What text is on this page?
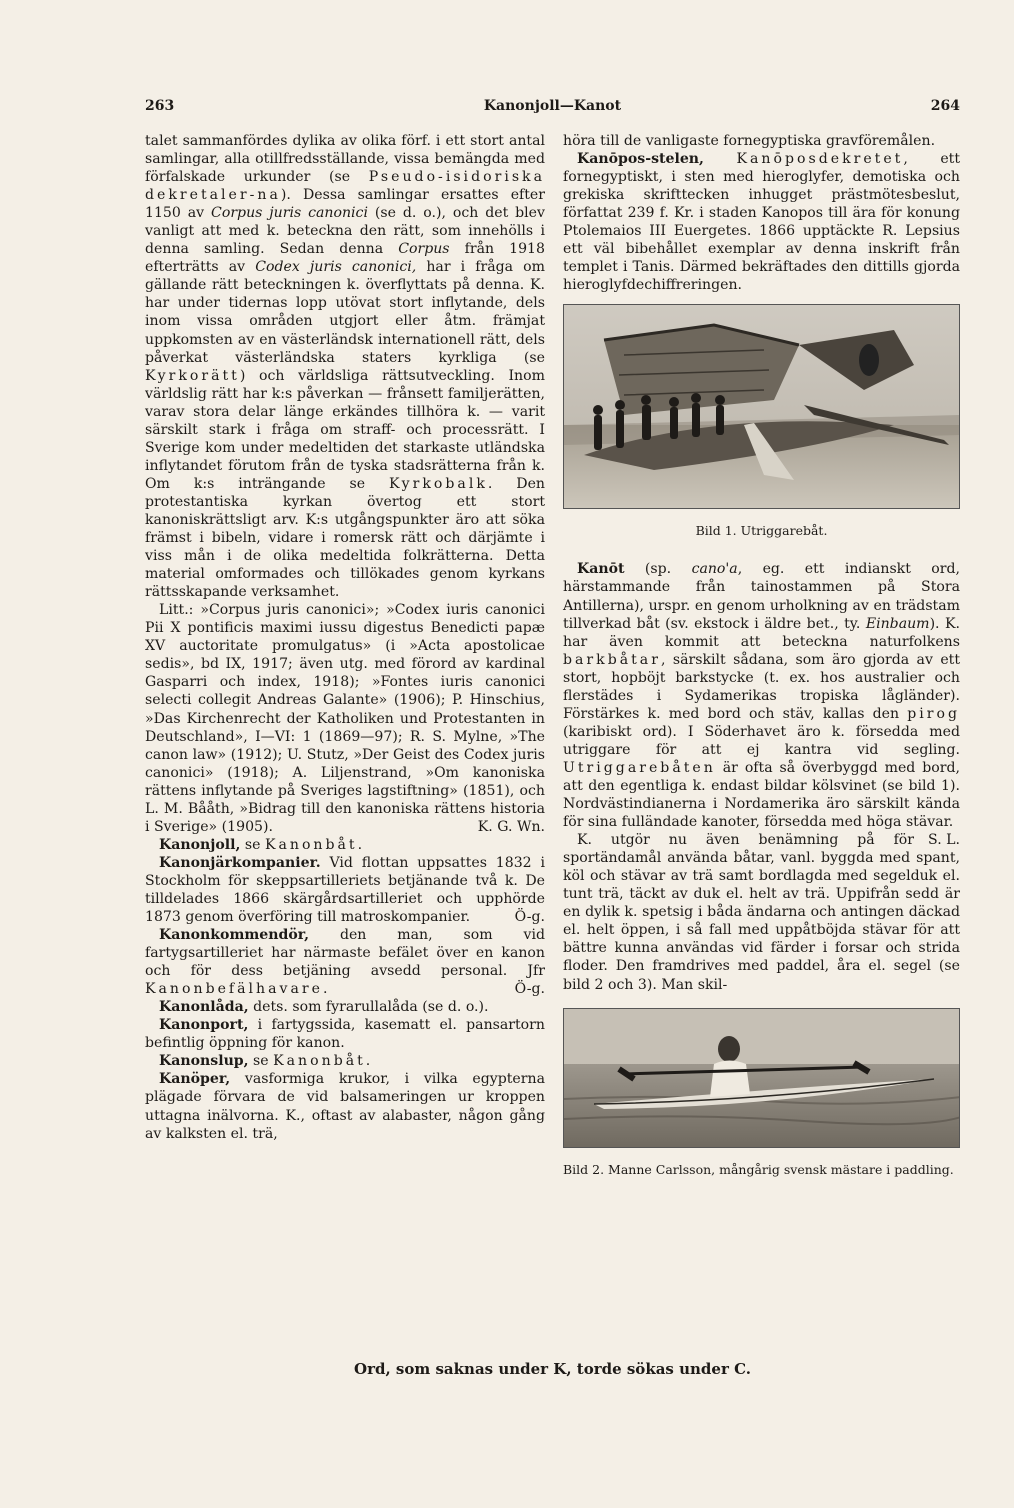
263	Kanonjoll—Kanot	264

talet sammanfördes dylika av olika förf. i ett stort antal samlingar, alla otillfredsställande, vissa bemängda med förfalskade urkunder (se Pseudo-isidoriska dekretaler-na). Dessa samlingar ersattes efter 1150 av Corpus juris canonici (se d. o.), och det blev vanligt att med k. beteckna den rätt, som innehölls i denna samling. Sedan denna Corpus från 1918 efterträtts av Codex juris canonici, har i fråga om gällande rätt beteckningen k. överflyttats på denna. K. har under tidernas lopp utövat stort inflytande, dels inom vissa områden utgjort eller åtm. främjat uppkomsten av en västerländsk internationell rätt, dels påverkat västerländska staters kyrkliga (se Kyrkorätt) och världsliga rättsutveckling. Inom världslig rätt har k:s påverkan — frånsett familjerätten, varav stora delar länge erkändes tillhöra k. — varit särskilt stark i fråga om straff- och processrätt. I Sverige kom under medeltiden det starkaste utländska inflytandet förutom från de tyska stadsrätterna från k. Om k:s inträngande se Kyrkobalk. Den protestantiska kyrkan övertog ett stort kanoniskrättsligt arv. K:s utgångspunkter äro att söka främst i bibeln, vidare i romersk rätt och därjämte i viss mån i de olika medeltida folkrätterna. Detta material omformades och tillökades genom kyrkans rättsskapande verksamhet.

Litt.: »Corpus juris canonici»; »Codex iuris canonici Pii X pontificis maximi iussu digestus Benedicti papæ XV auctoritate promulgatus» (i »Acta apostolicae sedis», bd IX, 1917; även utg. med förord av kardinal Gasparri och index, 1918); »Fontes iuris canonici selecti collegit Andreas Galante» (1906); P. Hinschius, »Das Kirchenrecht der Katholiken und Protestanten in Deutschland», I—VI: 1 (1869—97); R. S. Mylne, »The canon law» (1912); U. Stutz, »Der Geist des Codex juris canonici» (1918); A. Liljenstrand, »Om kanoniska rättens inflytande på Sveriges lagstiftning» (1851), och L. M. Bååth, »Bidrag till den kanoniska rättens historia i Sverige» (1905).	K. G. Wn.

Kanonjoll, se Kanonbåt.

Kanonjärkompanier. Vid flottan uppsattes 1832 i Stockholm för skeppsartilleriets betjänande två k. De tilldelades 1866 skärgårdsartilleriet och upphörde 1873 genom överföring till matroskompanier.	Ö-g.

Kanonkommendör, den man, som vid fartygsartilleriet har närmaste befälet över en kanon och för dess betjäning avsedd personal. Jfr Kanonbefälhavare.	Ö-g.

Kanonlåda, dets. som fyrarullalåda (se d. o.).

Kanonport, i fartygssida, kasematt el. pansartorn befintlig öppning för kanon.

Kanonslup, se Kanonbåt.

Kanöper, vasformiga krukor, i vilka egypterna plägade förvara de vid balsameringen ur kroppen uttagna inälvorna. K., oftast av alabaster, någon gång av kalksten el. trä,

höra till de vanligaste fornegyptiska gravföremålen.

Kanōpos-stelen, Kanōposdekretet, ett fornegyptiskt, i sten med hieroglyfer, demotiska och grekiska skrifttecken inhugget prästmötesbeslut, författat 239 f. Kr. i staden Kanopos till ära för konung Ptolemaios III Euergetes. 1866 upptäckte R. Lepsius ett väl bibehållet exemplar av denna inskrift från templet i Tanis. Därmed bekräftades den dittills gjorda hieroglyfdechiffreringen.

Bild 1. Utriggarebåt.

Kanōt (sp. cano'a, eg. ett indianskt ord, härstammande från tainostammen på Stora Antillerna), urspr. en genom urholkning av en trädstam tillverkad båt (sv. ekstock i äldre bet., ty. Einbaum). K. har även kommit att beteckna naturfolkens barkbåtar, särskilt sådana, som äro gjorda av ett stort, hopböjt barkstycke (t. ex. hos australier och flerstädes i Sydamerikas tropiska lågländer). Förstärkes k. med bord och stäv, kallas den pirog (karibiskt ord). I Söderhavet äro k. försedda med utriggare för att ej kantra vid segling. Utriggarebåten är ofta så överbyggd med bord, att den egentliga k. endast bildar kölsvinet (se bild 1). Nordvästindianerna i Nordamerika äro särskilt kända för sina fulländade kanoter, försedda med höga stävar.
S. L.

K. utgör nu även benämning på för sportändamål använda båtar, vanl. byggda med spant, köl och stävar av trä samt bordlagda med segelduk el. tunt trä, täckt av duk el. helt av trä. Uppifrån sedd är en dylik k. spetsig i båda ändarna och antingen däckad el. helt öppen, i så fall med uppåtböjda stävar för att bättre kunna användas vid färder i forsar och strida floder. Den framdrives med paddel, åra el. segel (se bild 2 och 3). Man skil-

Bild 2. Manne Carlsson, mångårig svensk mästare i paddling.
Ord, som saknas under K, torde sökas under C.
